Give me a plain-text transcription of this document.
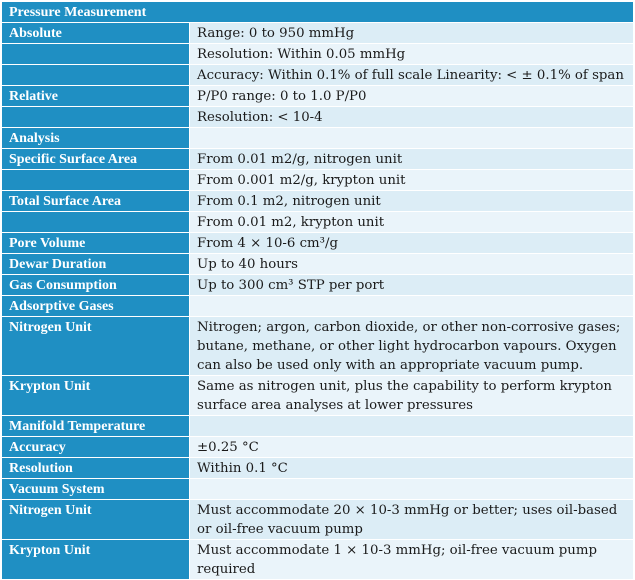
Pressure Measurement	
Absolute	Range: 0 to 950 mmHg
	Resolution: Within 0.05 mmHg
	Accuracy: Within 0.1% of full scale Linearity: < ± 0.1% of span
Relative	P/P0 range: 0 to 1.0 P/P0
	Resolution: < 10-4
Analysis	
Specific Surface Area	From 0.01 m2/g, nitrogen unit
	From 0.001 m2/g, krypton unit
Total Surface Area	From 0.1 m2, nitrogen unit
	From 0.01 m2, krypton unit
Pore Volume	From 4 × 10-6 cm³/g
Dewar Duration	Up to 40 hours
Gas Consumption	Up to 300 cm³ STP per port
Adsorptive Gases	
Nitrogen Unit	Nitrogen; argon, carbon dioxide, or other non-corrosive gases; butane, methane, or other light hydrocarbon vapours. Oxygen can also be used only with an appropriate vacuum pump.
Krypton Unit	Same as nitrogen unit, plus the capability to perform krypton surface area analyses at lower pressures
Manifold Temperature	
Accuracy	±0.25 °C
Resolution	Within 0.1 °C
Vacuum System	
Nitrogen Unit	Must accommodate 20 × 10-3 mmHg or better; uses oil-based or oil-free vacuum pump
Krypton Unit	Must accommodate 1 × 10-3 mmHg; oil-free vacuum pump required
